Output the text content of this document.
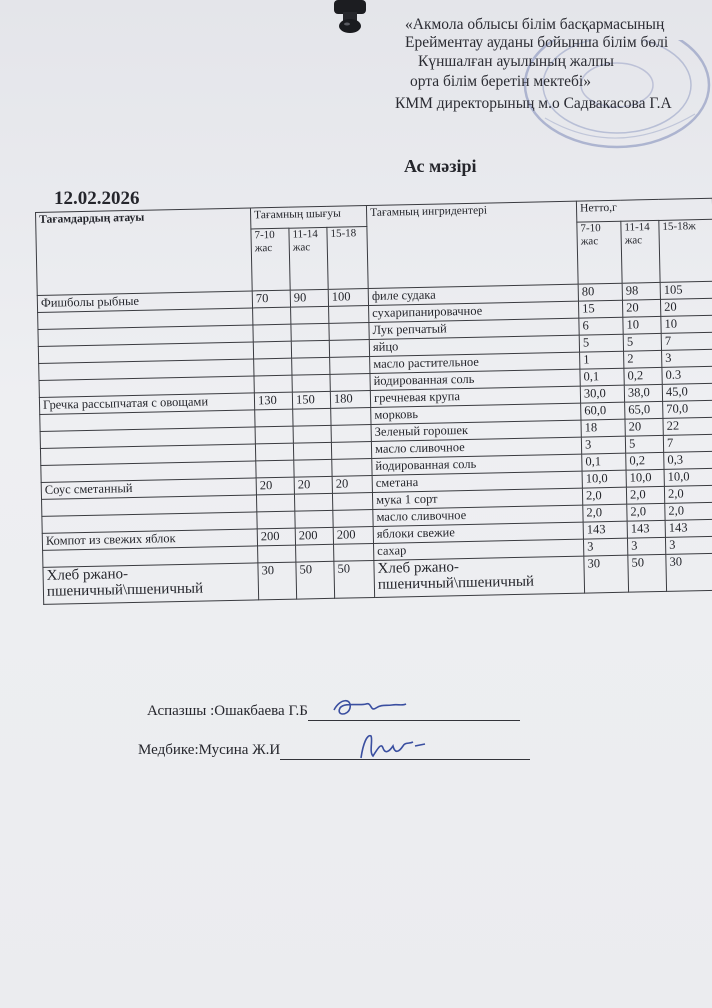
«Акмола облысы білім басқармасының
Ерейментау ауданы бойынша білім бөлі
Күншалған ауылының жалпы
орта білім беретін мектебі»
КММ директорының м.о Садвакасова Г.А
Ас мәзірі
12.02.2026
Тағамдардың атауы	Тағамның шығуы			Тағамның ингридентері	Нетто,г		
	7-10 жас	11-14 жас	15-18		7-10 жас	11-14 жас	15-18ж
Фишболы рыбные	70	90	100	филе судака	80	98	105
				сухарипанировачное	15	20	20
				Лук репчатый	6	10	10
				яйцо	5	5	7
				масло растительное	1	2	3
				йодированная соль	0,1	0,2	0.3
Гречка рассыпчатая с овощами	130	150	180	гречневая крупа	30,0	38,0	45,0
				морковь	60,0	65,0	70,0
				Зеленый горошек	18	20	22
				масло сливочное	3	5	7
				йодированная соль	0,1	0,2	0,3
Соус сметанный	20	20	20	сметана	10,0	10,0	10,0
				мука 1 сорт	2,0	2,0	2,0
				масло сливочное	2,0	2,0	2,0
Компот из свежих яблок	200	200	200	яблоки свежие	143	143	143
				сахар	3	3	3
Хлеб ржано-пшеничный\пшеничный	30	50	50	Хлеб ржано-пшеничный\пшеничный	30	50	30
Аспазшы :Ошакбаева Г.Б
Медбике:Мусина Ж.И
